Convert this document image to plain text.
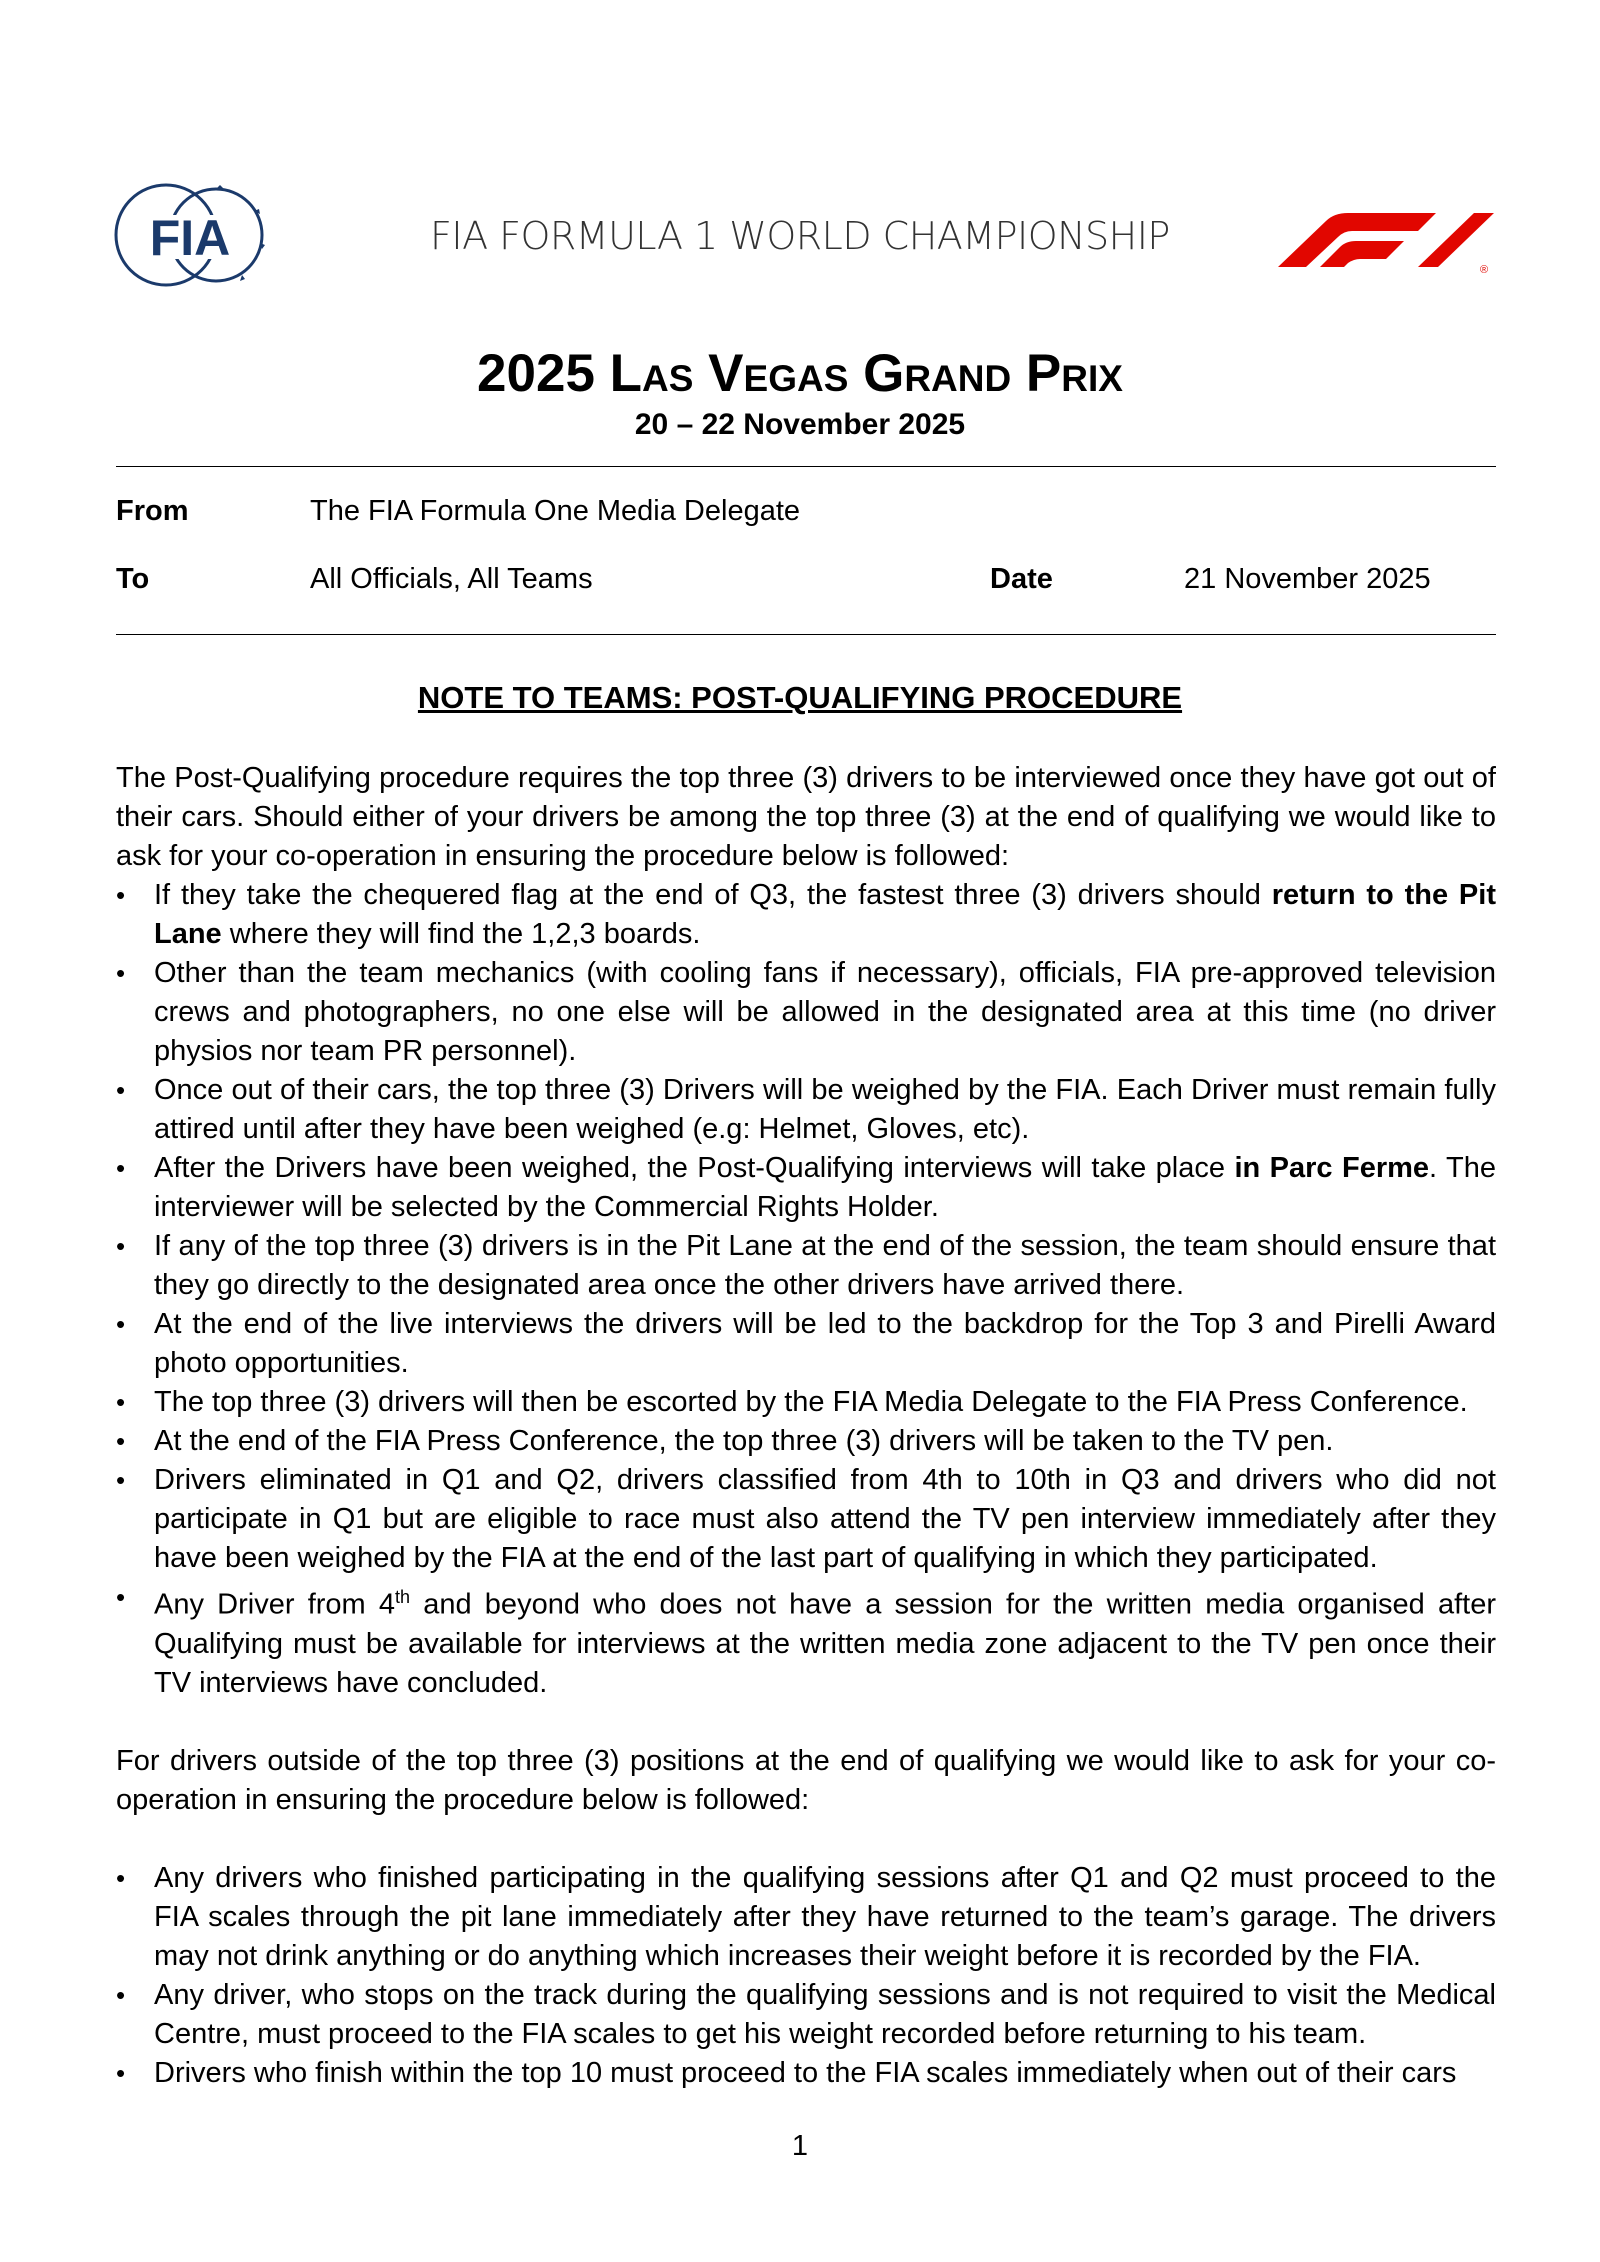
FIA	FIA FORMULA 1 WORLD CHAMPIONSHIP
®
2025 Las Vegas Grand Prix
20 – 22 November 2025
From	The FIA Formula One Media Delegate
To	All Officials, All Teams	Date	21 November 2025
NOTE TO TEAMS: POST-QUALIFYING PROCEDURE

The Post-Qualifying procedure requires the top three (3) drivers to be interviewed once they have got out of their cars. Should either of your drivers be among the top three (3) at the end of qualifying we would like to ask for your co-operation in ensuring the procedure below is followed:

• If they take the chequered flag at the end of Q3, the fastest three (3) drivers should return to the Pit Lane where they will find the 1,2,3 boards.
• Other than the team mechanics (with cooling fans if necessary), officials, FIA pre-approved television crews and photographers, no one else will be allowed in the designated area at this time (no driver physios nor team PR personnel).
• Once out of their cars, the top three (3) Drivers will be weighed by the FIA. Each Driver must remain fully attired until after they have been weighed (e.g: Helmet, Gloves, etc).
• After the Drivers have been weighed, the Post-Qualifying interviews will take place in Parc Ferme. The interviewer will be selected by the Commercial Rights Holder.
• If any of the top three (3) drivers is in the Pit Lane at the end of the session, the team should ensure that they go directly to the designated area once the other drivers have arrived there.
• At the end of the live interviews the drivers will be led to the backdrop for the Top 3 and Pirelli Award photo opportunities.
• The top three (3) drivers will then be escorted by the FIA Media Delegate to the FIA Press Conference.
• At the end of the FIA Press Conference, the top three (3) drivers will be taken to the TV pen.
• Drivers eliminated in Q1 and Q2, drivers classified from 4th to 10th in Q3 and drivers who did not participate in Q1 but are eligible to race must also attend the TV pen interview immediately after they have been weighed by the FIA at the end of the last part of qualifying in which they participated.
• Any Driver from 4th and beyond who does not have a session for the written media organised after Qualifying must be available for interviews at the written media zone adjacent to the TV pen once their TV interviews have concluded.

For drivers outside of the top three (3) positions at the end of qualifying we would like to ask for your co-operation in ensuring the procedure below is followed:

• Any drivers who finished participating in the qualifying sessions after Q1 and Q2 must proceed to the FIA scales through the pit lane immediately after they have returned to the team’s garage. The drivers may not drink anything or do anything which increases their weight before it is recorded by the FIA.
• Any driver, who stops on the track during the qualifying sessions and is not required to visit the Medical Centre, must proceed to the FIA scales to get his weight recorded before returning to his team.
• Drivers who finish within the top 10 must proceed to the FIA scales immediately when out of their cars
1
